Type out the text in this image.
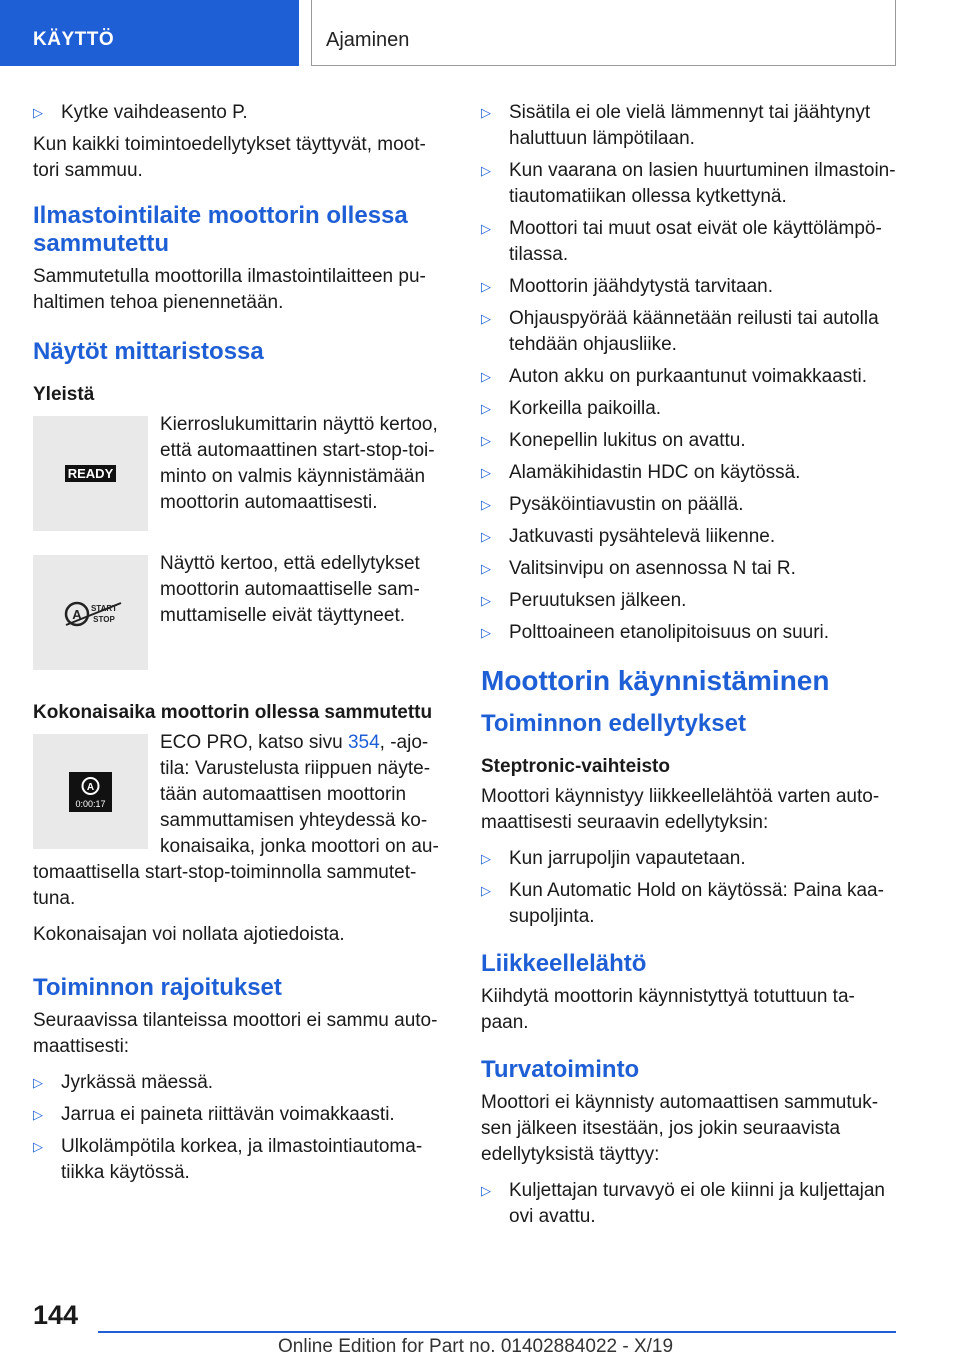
KÄYTTÖ	Ajaminen
▷ Kytke vaihdeasento P.

Kun kaikki toimintoedellytykset täyttyvät, moottori sammuu.

Ilmastointilaite moottorin ollessa sammutettu

Sammutetulla moottorilla ilmastointilaitteen puhaltimen tehoa pienennetään.

Näytöt mittaristossa
Yleistä
READY

Kierroslukumittarin näyttö kertoo, että automaattinen start-stop-toiminto on valmis käynnistämään moottorin automaattisesti.

A START
STOP

Näyttö kertoo, että edellytykset moottorin automaattiselle sammuttamiselle eivät täyttyneet.

Kokonaisaika moottorin ollessa sammutettu
A
0:00:17

ECO PRO, katso sivu 354, -ajotila: Varustelusta riippuen näytetään automaattisen moottorin sammuttamisen yhteydessä kokonaisaika, jonka moottori on automaattisella start-stop-toiminnolla sammutettuna.

Kokonaisajan voi nollata ajotiedoista.

Toiminnon rajoitukset

Seuraavissa tilanteissa moottori ei sammu automaattisesti:

▷ Jyrkässä mäessä.
▷ Jarrua ei paineta riittävän voimakkaasti.
▷ Ulkolämpötila korkea, ja ilmastointiautomatiikka käytössä.
▷ Sisätila ei ole vielä lämmennyt tai jäähtynyt haluttuun lämpötilaan.
▷ Kun vaarana on lasien huurtuminen ilmastointiautomatiikan ollessa kytkettynä.
▷ Moottori tai muut osat eivät ole käyttölämpötilassa.
▷ Moottorin jäähdytystä tarvitaan.
▷ Ohjauspyörää käännetään reilusti tai autolla tehdään ohjausliike.
▷ Auton akku on purkaantunut voimakkaasti.
▷ Korkeilla paikoilla.
▷ Konepellin lukitus on avattu.
▷ Alamäkihidastin HDC on käytössä.
▷ Pysäköintiavustin on päällä.
▷ Jatkuvasti pysähtelevä liikenne.
▷ Valitsinvipu on asennossa N tai R.
▷ Peruutuksen jälkeen.
▷ Polttoaineen etanolipitoisuus on suuri.
Moottorin käynnistäminen
Toiminnon edellytykset
Steptronic-vaihteisto

Moottori käynnistyy liikkeellelähtöä varten automaattisesti seuraavin edellytyksin:

▷ Kun jarrupoljin vapautetaan.
▷ Kun Automatic Hold on käytössä: Paina kaasupoljinta.
Liikkeellelähtö

Kiihdytä moottorin käynnistyttyä totuttuun tapaan.

Turvatoiminto

Moottori ei käynnisty automaattisen sammutuksen jälkeen itsestään, jos jokin seuraavista edellytyksistä täyttyy:

▷ Kuljettajan turvavyö ei ole kiinni ja kuljettajan ovi avattu.
144
Online Edition for Part no. 01402884022 - X/19
